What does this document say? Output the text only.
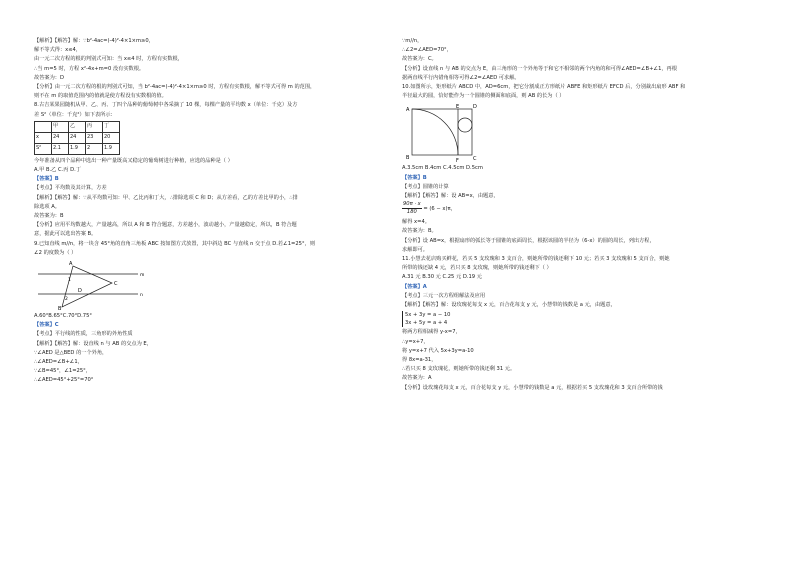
【解析】【解答】解：∵b²-4ac=(-4)²-4×1×m≥0，
解不等式得：x≤4，
由一元二次方程的根的判别式可知：当 x≤4 时，方程有实数根，
∴当 m=5 时，方程 x²-4x+m=0 没有实数根。
故答案为：D
【分析】由一元二次方程的根的判别式可知，当 b²-4ac=(-4)²-4×1×m≥0 时，方程有实数根，解不等式可得 m 的范围，
则不在 m 的取值范围内的值就是使方程没有实数根的值。
8.古吉某果园随机从甲、乙、丙、丁四个品种的葡萄树中各采摘了 10 棵，每棵产量的平均数 x（单位：千克）及方
差 S²（单位：千克²）如下表所示：
	甲	乙	丙	丁
x	24	24	23	20
S²	2.1	1.9	2	1.9
今年准备从四个品种中选出一种产量既高又稳定的葡萄树进行种植，应选的品种是（ ）
A.甲 B.乙 C.丙 D.丁
【答案】B
【考点】平均数及其计算，方差
【解析】【解答】解：∵从平均数可知：甲、乙比丙和丁大，∴排除选项 C 和 D；从方差看，乙的方差比甲的小，∴排
除选项 A。
故答案为：B
【分析】应用平均数越大，产量越高，所以 A 和 B 符合题意，方差越小，波动越小，产量越稳定，所以，B 符合题
意，据此可以选出答案 B。
9.已知直线 m//n，将一块含 45°角的直角三角板 ABC 按如图方式放置，其中斜边 BC 与直线 n 交于点 D.若∠1=25°，则
∠2 的度数为（ ）
A
B
C
D
1
2
m
n
A.60°B.65°C.70°D.75°
【答案】C
【考点】平行线的性质，三角形的外角性质
【解析】【解答】解：设直线 n 与 AB 的交点为 E，
∵∠AED 是△BED 的一个外角，
∴∠AED=∠B+∠1，
∵∠B=45°，∠1=25°，
∴∠AED=45°+25°=70°
∵m//n，
∴∠2=∠AED=70°，
故答案为：C。
【分析】设直线 n 与 AB 的交点为 E，由三角形的一个外角等于和它不相邻的两个内角的和可得∠AED=∠B+∠1，再根
据两直线平行内错角相等可得∠2=∠AED 可求解。
10.如图所示，矩形纸片 ABCD 中，AD=6cm，把它分割成正方形纸片 ABFE 和矩形纸片 EFCD 后，分别裁出扇形 ABF 和
半径最大的圆，恰好能作为一个圆锥的侧面和底面，则 AB 的长为（ ）
A
B	C
D
E
F
A.3.5cm B.4cm C.4.5cm D.5cm
【答案】B
【考点】圆锥的计算
【解析】【解答】解：设 AB=x，由题意，
$\frac{90\pi \cdot x}{180} = (6 - x)\pi$，
解得 x=4。
故答案为：B。
【分析】设 AB=x，根据扇形的弧长等于圆锥的底面周长，根据该圆的半径为（6-x）的圆的周长，列出方程，
求解即可。
11.小慧去花店购买鲜花，若买 5 支玫瑰和 3 支百合，则她所带的钱还剩下 10 元；若买 3 支玫瑰和 5 支百合，则她
所带的钱还缺 4 元，若只买 8 支玫瑰，则她所带的钱还剩下（ ）
A.31 元 B.30 元 C.25 元 D.19 元
【答案】A
【考点】三元一次方程组解法及应用
【解析】【解答】解：设玫瑰花每支 x 元，百合花每支 y 元，小慧带的钱数是 a 元，由题意，
5x + 3y = a − 10
3x + 5y = a + 4
将两方程相减得 y-x=7，
∴y=x+7，
将 y=x+7 代入 5x+3y=a-10
得 8x=a-31，
∴若只买 8 支玫瑰花，则她所带的钱还剩 31 元。
故答案为：A
【分析】设玫瑰花每支 x 元，百合花每支 y 元，小慧带的钱数是 a 元，根据若买 5 支玫瑰花和 3 支百合所带的钱
